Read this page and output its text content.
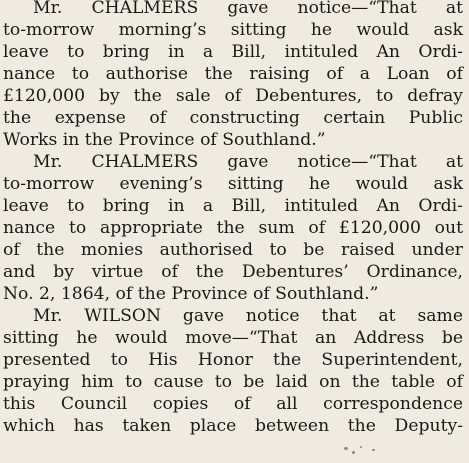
Mr. CHALMERS gave notice—“That at
to-morrow morning’s sitting he would ask
leave to bring in a Bill, intituled An Ordi-
nance to authorise the raising of a Loan of
£120,000 by the sale of Debentures, to defray
the expense of constructing certain Public
Works in the Province of Southland.”
Mr. CHALMERS gave notice—“That at
to-morrow evening’s sitting he would ask
leave to bring in a Bill, intituled An Ordi-
nance to appropriate the sum of £120,000 out
of the monies authorised to be raised under
and by virtue of the Debentures’ Ordinance,
No. 2, 1864, of the Province of Southland.”
Mr. WILSON gave notice that at same
sitting he would move—“That an Address be
presented to His Honor the Superintendent,
praying him to cause to be laid on the table of
this Council copies of all correspondence
which has taken place between the Deputy-
